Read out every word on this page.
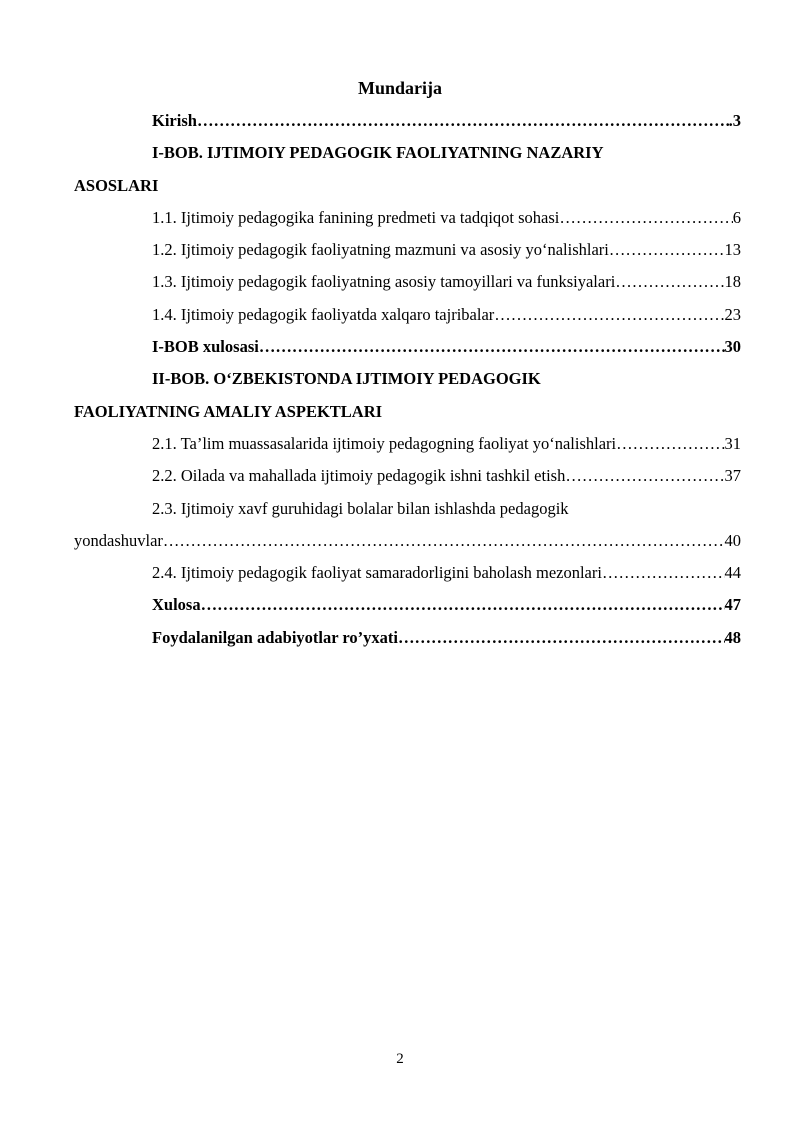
Mundarija
Kirish …………………………………………………………………………………………………………………………………………………………………………………………………	.3
I-BOB. IJTIMOIY PEDAGOGIK FAOLIYATNING NAZARIY
ASOSLARI
1.1. Ijtimoiy pedagogika fanining predmeti va tadqiqot sohasi …………………………………………………………………………………………………………………………………………………………………………………………………	6
1.2. Ijtimoiy pedagogik faoliyatning mazmuni va asosiy yo‘nalishlari …………………………………………………………………………………………………………………………………………………………………………………………………	13
1.3. Ijtimoiy pedagogik faoliyatning asosiy tamoyillari va funksiyalari …………………………………………………………………………………………………………………………………………………………………………………………………	18
1.4. Ijtimoiy pedagogik faoliyatda xalqaro tajribalar …………………………………………………………………………………………………………………………………………………………………………………………………	23
I-BOB xulosasi …………………………………………………………………………………………………………………………………………………………………………………………………	30
II-BOB. O‘ZBEKISTONDA IJTIMOIY PEDAGOGIK
FAOLIYATNING AMALIY ASPEKTLARI
2.1. Ta’lim muassasalarida ijtimoiy pedagogning faoliyat yo‘nalishlari …………………………………………………………………………………………………………………………………………………………………………………………………	31
2.2. Oilada va mahallada ijtimoiy pedagogik ishni tashkil etish …………………………………………………………………………………………………………………………………………………………………………………………………	37
2.3. Ijtimoiy xavf guruhidagi bolalar bilan ishlashda pedagogik
yondashuvlar …………………………………………………………………………………………………………………………………………………………………………………………………	40
2.4. Ijtimoiy pedagogik faoliyat samaradorligini baholash mezonlari …………………………………………………………………………………………………………………………………………………………………………………………………	44
Xulosa …………………………………………………………………………………………………………………………………………………………………………………………………	47
Foydalanilgan adabiyotlar ro’yxati …………………………………………………………………………………………………………………………………………………………………………………………………	48
2
